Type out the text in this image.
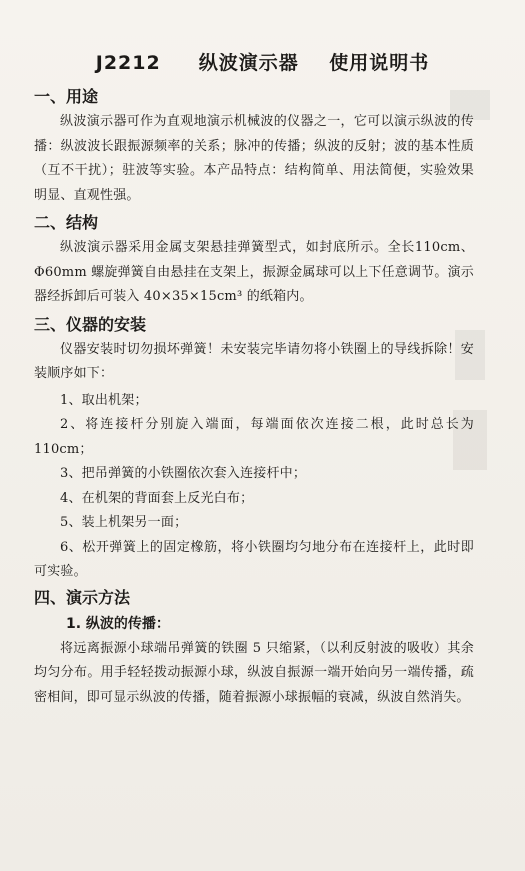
J2212     纵波演示器    使用说明书
一、用途

纵波演示器可作为直观地演示机械波的仪器之一，它可以演示纵波的传播：纵波波长跟振源频率的关系；脉冲的传播；纵波的反射；波的基本性质（互不干扰）；驻波等实验。本产品特点：结构简单、用法简便，实验效果明显、直观性强。

二、结构

纵波演示器采用金属支架悬挂弹簧型式，如封底所示。全长110cm、Φ60mm 螺旋弹簧自由悬挂在支架上，振源金属球可以上下任意调节。演示器经拆卸后可装入 40×35×15cm³ 的纸箱内。

三、仪器的安装

仪器安装时切勿损坏弹簧！未安装完毕请勿将小铁圈上的导线拆除！安装顺序如下：

1、取出机架；

2、将连接杆分别旋入端面，每端面依次连接二根，此时总长为 110cm；

3、把吊弹簧的小铁圈依次套入连接杆中；

4、在机架的背面套上反光白布；

5、装上机架另一面；

6、松开弹簧上的固定橡筋，将小铁圈均匀地分布在连接杆上，此时即可实验。

四、演示方法
1. 纵波的传播：

将远离振源小球端吊弹簧的铁圈 5 只缩紧，（以利反射波的吸收）其余均匀分布。用手轻轻拨动振源小球，纵波自振源一端开始向另一端传播，疏密相间，即可显示纵波的传播，随着振源小球振幅的衰减，纵波自然消失。
